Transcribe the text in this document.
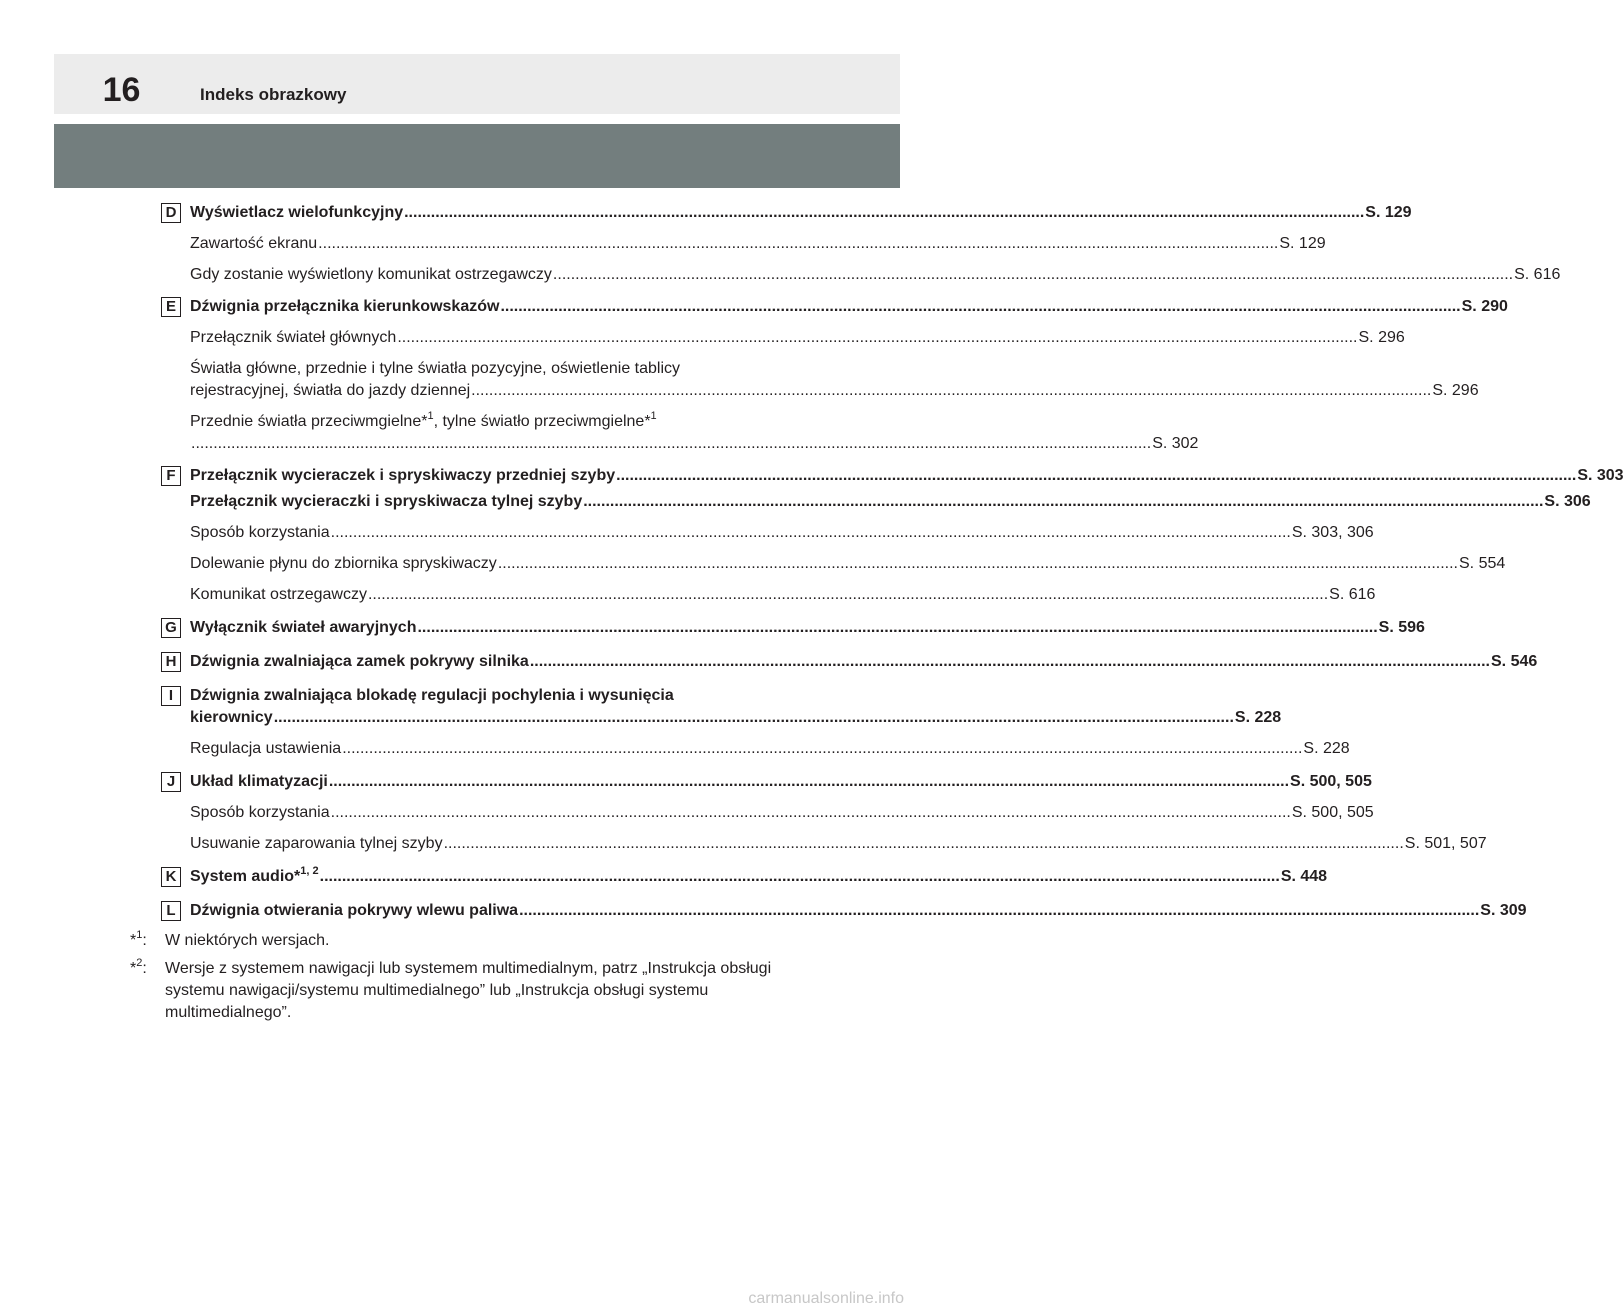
16	Indeks obrazkowy
D Wyświetlacz wielofunkcyjny ........................................................................................................................................................................................................................ S. 129
Zawartość ekranu ........................................................................................................................................................................................................................ S. 129
Gdy zostanie wyświetlony komunikat ostrzegawczy ........................................................................................................................................................................................................................ S. 616
E Dźwignia przełącznika kierunkowskazów ........................................................................................................................................................................................................................ S. 290
Przełącznik świateł głównych ........................................................................................................................................................................................................................ S. 296
Światła główne, przednie i tylne światła pozycyjne, oświetlenie tablicy
rejestracyjnej, światła do jazdy dziennej ........................................................................................................................................................................................................................ S. 296
Przednie światła przeciwmgielne*$^1$, tylne światło przeciwmgielne*$^1$
........................................................................................................................................................................................................................ S. 302
F Przełącznik wycieraczek i spryskiwaczy przedniej szyby ........................................................................................................................................................................................................................ S. 303
Przełącznik wycieraczki i spryskiwacza tylnej szyby ........................................................................................................................................................................................................................ S. 306
Sposób korzystania ........................................................................................................................................................................................................................ S. 303, 306
Dolewanie płynu do zbiornika spryskiwaczy ........................................................................................................................................................................................................................ S. 554
Komunikat ostrzegawczy ........................................................................................................................................................................................................................ S. 616
G Wyłącznik świateł awaryjnych ........................................................................................................................................................................................................................ S. 596
H Dźwignia zwalniająca zamek pokrywy silnika ........................................................................................................................................................................................................................ S. 546
I	Dźwignia zwalniająca blokadę regulacji pochylenia i wysunięcia
kierownicy ........................................................................................................................................................................................................................ S. 228
Regulacja ustawienia ........................................................................................................................................................................................................................ S. 228
J Układ klimatyzacji ........................................................................................................................................................................................................................ S. 500, 505
Sposób korzystania ........................................................................................................................................................................................................................ S. 500, 505
Usuwanie zaparowania tylnej szyby ........................................................................................................................................................................................................................ S. 501, 507
K System audio*$^{1, 2}$ ........................................................................................................................................................................................................................ S. 448
L Dźwignia otwierania pokrywy wlewu paliwa ........................................................................................................................................................................................................................ S. 309
*$^1$: W niektórych wersjach.
*$^2$: Wersje z systemem nawigacji lub systemem multimedialnym, patrz „Instrukcja obsługi systemu nawigacji/systemu multimedialnego” lub „Instrukcja obsługi systemu multimedialnego”.
carmanualsonline.info
